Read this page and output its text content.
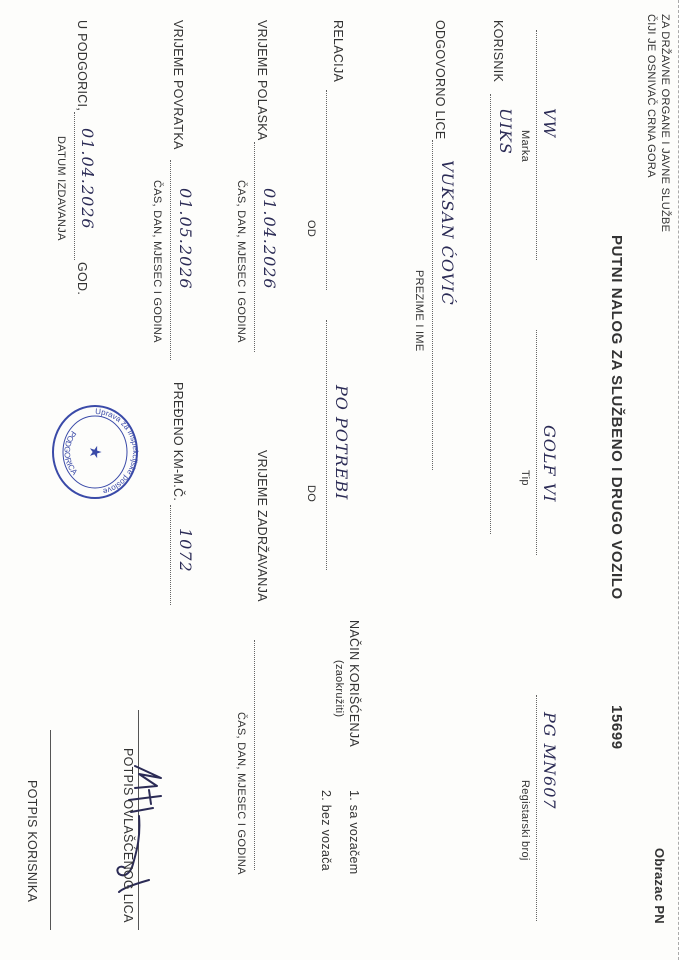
ZA DRŽAVNE ORGANE I JAVNE SLUŽBE
ČIJI JE OSNIVAČ CRNA GORA
Obrazac PN
PUTNI NALOG ZA SLUŽBENO I DRUGO VOZILO
15699
VW
Marka
GOLF VI
Tip
PG MN607
Registarski broj
KORISNIK
UIKS
ODGOVORNO LICE
VUKSAN ĆOVIĆ
PREZIME I IME
NAČIN KORIŠĆENJA
(zaokružiti)
1. sa vozačem
2. bez vozača
RELACIJA
OD
PO POTREBI
DO
VRIJEME POLASKA
01.04.2026
ČAS, DAN, MJESEC I GODINA
VRIJEME ZADRŽAVANJA
ČAS, DAN, MJESEC I GODINA
VRIJEME POVRATKA
01.05.2026
ČAS, DAN, MJESEC I GODINA
PREĐENO KM-M.Č.
1072
POTPIS OVLAŠĆENOG LICA
U PODGORICI,
01.04.2026
GOD.
DATUM IZDAVANJA
Uprava za inspekcijske poslove
PODGORICA
★
POTPIS KORISNIKA
